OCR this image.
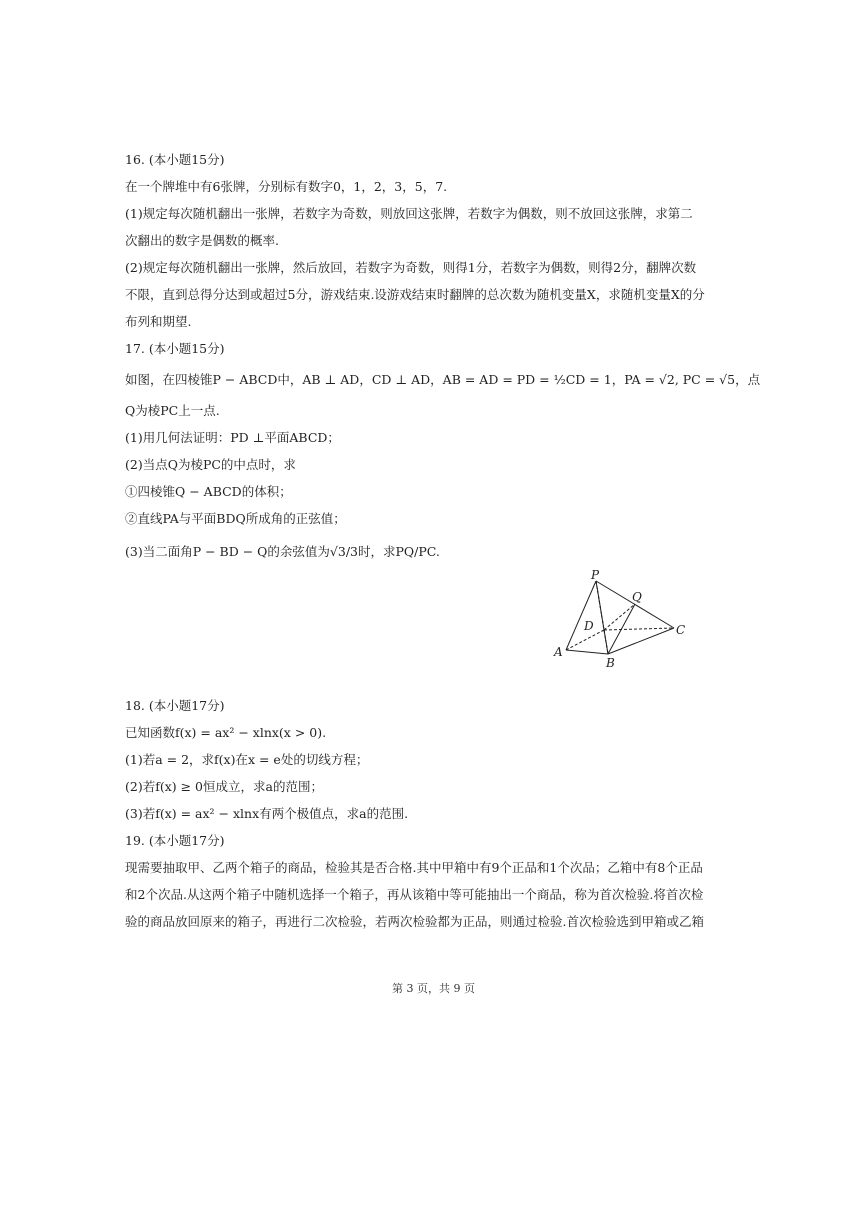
16. (本小题15分)
在一个牌堆中有6张牌，分别标有数字0，1，2，3，5，7.
(1)规定每次随机翻出一张牌，若数字为奇数，则放回这张牌，若数字为偶数，则不放回这张牌，求第二
次翻出的数字是偶数的概率.
(2)规定每次随机翻出一张牌，然后放回，若数字为奇数，则得1分，若数字为偶数，则得2分，翻牌次数
不限，直到总得分达到或超过5分，游戏结束.设游戏结束时翻牌的总次数为随机变量X，求随机变量X的分
布列和期望.
17. (本小题15分)
如图，在四棱锥P − ABCD中，AB ⊥ AD，CD ⊥ AD，AB = AD = PD = ½CD = 1，PA = √2, PC = √5，点
Q为棱PC上一点.
(1)用几何法证明：PD ⊥平面ABCD；
(2)当点Q为棱PC的中点时，求
①四棱锥Q − ABCD的体积；
②直线PA与平面BDQ所成角的正弦值；
(3)当二面角P − BD − Q的余弦值为√3/3时，求PQ/PC.
P
Q
D	C
A
B
18. (本小题17分)
已知函数f(x) = ax² − xlnx(x > 0).
(1)若a = 2，求f(x)在x = e处的切线方程；
(2)若f(x) ≥ 0恒成立，求a的范围；
(3)若f(x) = ax² − xlnx有两个极值点，求a的范围.
19. (本小题17分)
现需要抽取甲、乙两个箱子的商品，检验其是否合格.其中甲箱中有9个正品和1个次品；乙箱中有8个正品
和2个次品.从这两个箱子中随机选择一个箱子，再从该箱中等可能抽出一个商品，称为首次检验.将首次检
验的商品放回原来的箱子，再进行二次检验，若两次检验都为正品，则通过检验.首次检验选到甲箱或乙箱
第 3 页，共 9 页
